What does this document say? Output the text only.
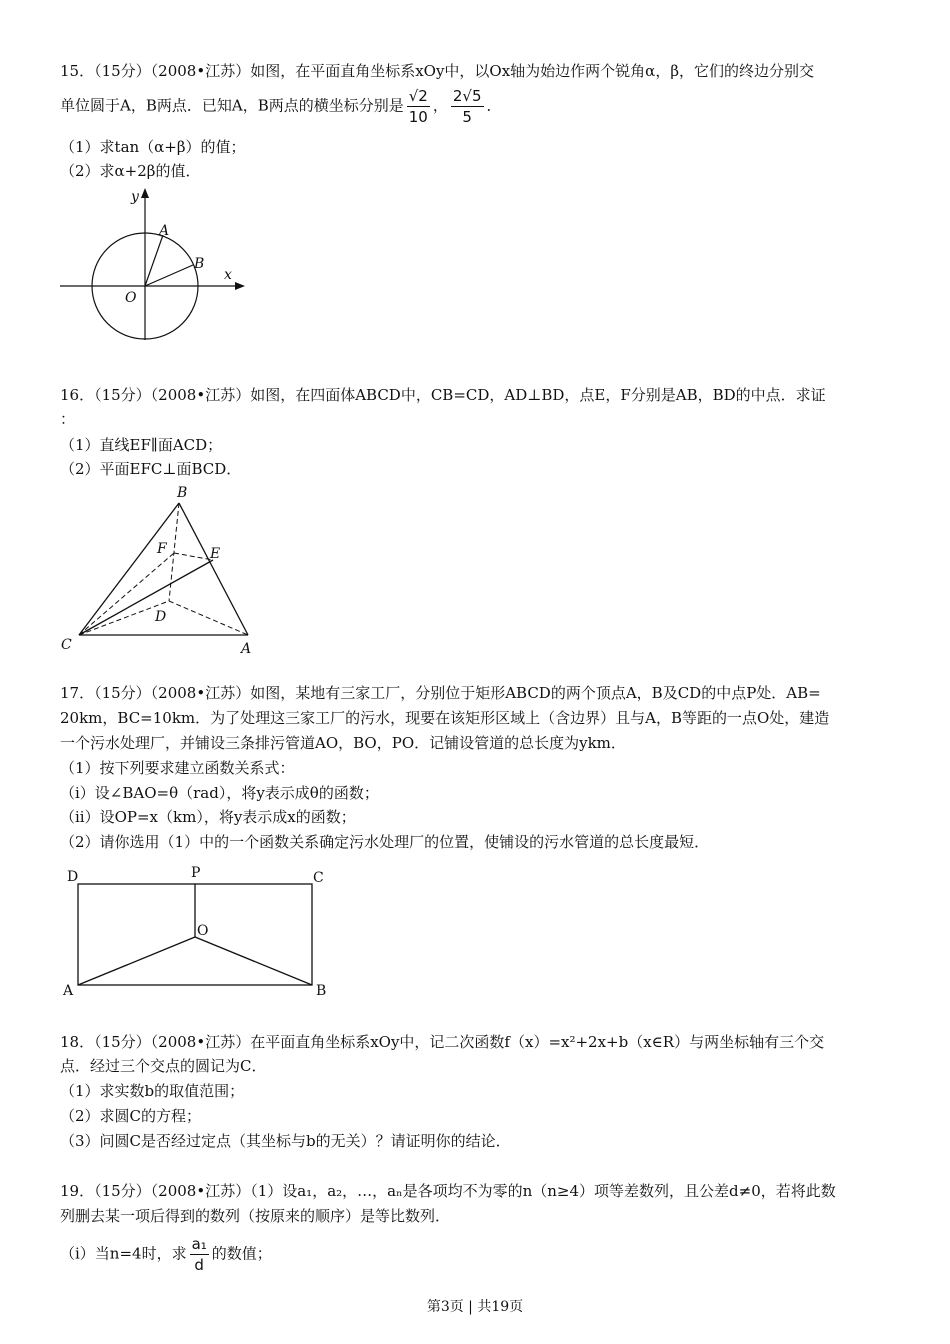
15．（15分）（2008•江苏）如图，在平面直角坐标系xOy中，以Ox轴为始边作两个锐角α，β，它们的终边分别交
单位圆于A，B两点．已知A，B两点的横坐标分别是 $\frac{√2}{10}$ ， $\frac{2√5}{5}$ ．
（1）求tan（α+β）的值；
（2）求α+2β的值．
y
x
O
A
B
16．（15分）（2008•江苏）如图，在四面体ABCD中，CB=CD，AD⊥BD，点E，F分别是AB，BD的中点．求证
：
（1）直线EF∥面ACD；
（2）平面EFC⊥面BCD．
B
F	E
D
C	A
17．（15分）（2008•江苏）如图，某地有三家工厂，分别位于矩形ABCD的两个顶点A，B及CD的中点P处．AB=
20km，BC=10km．为了处理这三家工厂的污水，现要在该矩形区域上（含边界）且与A，B等距的一点O处，建造
一个污水处理厂，并铺设三条排污管道AO，BO，PO．记铺设管道的总长度为ykm．
（1）按下列要求建立函数关系式：
（i）设∠BAO=θ（rad），将y表示成θ的函数；
（ii）设OP=x（km），将y表示成x的函数；
（2）请你选用（1）中的一个函数关系确定污水处理厂的位置，使铺设的污水管道的总长度最短．
D	P	C
O
A	B
18．（15分）（2008•江苏）在平面直角坐标系xOy中，记二次函数f（x）=x²+2x+b（x∈R）与两坐标轴有三个交
点．经过三个交点的圆记为C．
（1）求实数b的取值范围；
（2）求圆C的方程；
（3）问圆C是否经过定点（其坐标与b的无关）？请证明你的结论．
19．（15分）（2008•江苏）（1）设a₁，a₂，…，aₙ是各项均不为零的n（n≥4）项等差数列，且公差d≠0，若将此数
列删去某一项后得到的数列（按原来的顺序）是等比数列．
（i）当n=4时，求 $\frac{\text{a₁}}{d}$ 的数值；
第3页 | 共19页
